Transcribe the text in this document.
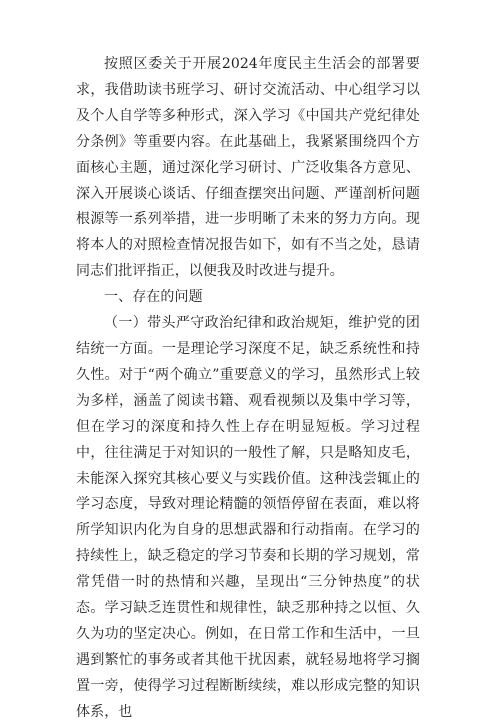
按照区委关于开展2024年度民主生活会的部署要求，我借助读书班学习、研讨交流活动、中心组学习以及个人自学等多种形式，深入学习《中国共产党纪律处分条例》等重要内容。在此基础上，我紧紧围绕四个方面核心主题，通过深化学习研讨、广泛收集各方意见、深入开展谈心谈话、仔细查摆突出问题、严谨剖析问题根源等一系列举措，进一步明晰了未来的努力方向。现将本人的对照检查情况报告如下，如有不当之处，恳请同志们批评指正，以便我及时改进与提升。

一、存在的问题

（一）带头严守政治纪律和政治规矩，维护党的团结统一方面。一是理论学习深度不足，缺乏系统性和持久性。对于“两个确立”重要意义的学习，虽然形式上较为多样，涵盖了阅读书籍、观看视频以及集中学习等，但在学习的深度和持久性上存在明显短板。学习过程中，往往满足于对知识的一般性了解，只是略知皮毛，未能深入探究其核心要义与实践价值。这种浅尝辄止的学习态度，导致对理论精髓的领悟停留在表面，难以将所学知识内化为自身的思想武器和行动指南。在学习的持续性上，缺乏稳定的学习节奏和长期的学习规划，常常凭借一时的热情和兴趣，呈现出“三分钟热度”的状态。学习缺乏连贯性和规律性，缺乏那种持之以恒、久久为功的坚定决心。例如，在日常工作和生活中，一旦遇到繁忙的事务或者其他干扰因素，就轻易地将学习搁置一旁，使得学习过程断断续续，难以形成完整的知识体系，也
